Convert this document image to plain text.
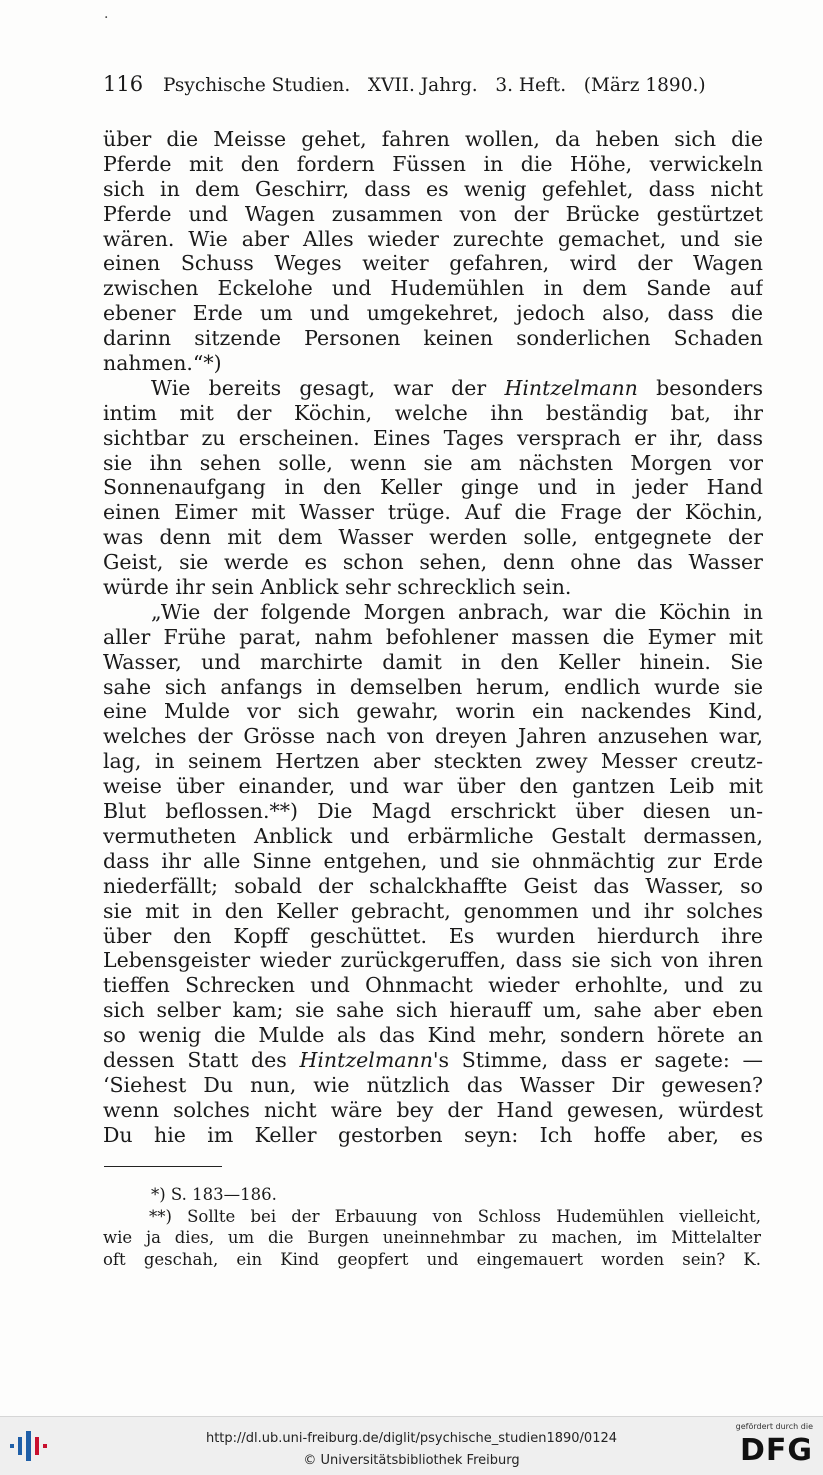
·
116 Psychische Studien.   XVII. Jahrg.   3. Heft.   (März 1890.)
über die Meisse gehet, fahren wollen, da heben sich die
Pferde mit den fordern Füssen in die Höhe, verwickeln
sich in dem Geschirr, dass es wenig gefehlet, dass nicht
Pferde und Wagen zusammen von der Brücke gestürtzet
wären. Wie aber Alles wieder zurechte gemachet, und sie
einen Schuss Weges weiter gefahren, wird der Wagen
zwischen Eckelohe und Hudemühlen in dem Sande auf
ebener Erde um und umgekehret, jedoch also, dass die
darinn sitzende Personen keinen sonderlichen Schaden
nahmen.“*)
Wie bereits gesagt, war der Hintzelmann besonders
intim mit der Köchin, welche ihn beständig bat, ihr
sichtbar zu erscheinen. Eines Tages versprach er ihr, dass
sie ihn sehen solle, wenn sie am nächsten Morgen vor
Sonnenaufgang in den Keller ginge und in jeder Hand
einen Eimer mit Wasser trüge. Auf die Frage der Köchin,
was denn mit dem Wasser werden solle, entgegnete der
Geist, sie werde es schon sehen, denn ohne das Wasser
würde ihr sein Anblick sehr schrecklich sein.
„Wie der folgende Morgen anbrach, war die Köchin in
aller Frühe parat, nahm befohlener massen die Eymer mit
Wasser, und marchirte damit in den Keller hinein. Sie
sahe sich anfangs in demselben herum, endlich wurde sie
eine Mulde vor sich gewahr, worin ein nackendes Kind,
welches der Grösse nach von dreyen Jahren anzusehen war,
lag, in seinem Hertzen aber steckten zwey Messer creutz-
weise über einander, und war über den gantzen Leib mit
Blut beflossen.**) Die Magd erschrickt über diesen un-
vermutheten Anblick und erbärmliche Gestalt dermassen,
dass ihr alle Sinne entgehen, und sie ohnmächtig zur Erde
niederfällt; sobald der schalckhaffte Geist das Wasser, so
sie mit in den Keller gebracht, genommen und ihr solches
über den Kopff geschüttet. Es wurden hierdurch ihre
Lebensgeister wieder zurückgeruffen, dass sie sich von ihren
tieffen Schrecken und Ohnmacht wieder erhohlte, und zu
sich selber kam; sie sahe sich hierauff um, sahe aber eben
so wenig die Mulde als das Kind mehr, sondern hörete an
dessen Statt des Hintzelmann's Stimme, dass er sagete: —
‘Siehest Du nun, wie nützlich das Wasser Dir gewesen?
wenn solches nicht wäre bey der Hand gewesen, würdest
Du hie im Keller gestorben seyn: Ich hoffe aber, es
*) S. 183—186.
**) Sollte bei der Erbauung von Schloss Hudemühlen vielleicht,
wie ja dies, um die Burgen uneinnehmbar zu machen, im Mittelalter
oft geschah, ein Kind geopfert und eingemauert worden sein? K.
http://dl.ub.uni-freiburg.de/diglit/psychische_studien1890/0124
© Universitätsbibliothek Freiburg
gefördert durch die
DFG
